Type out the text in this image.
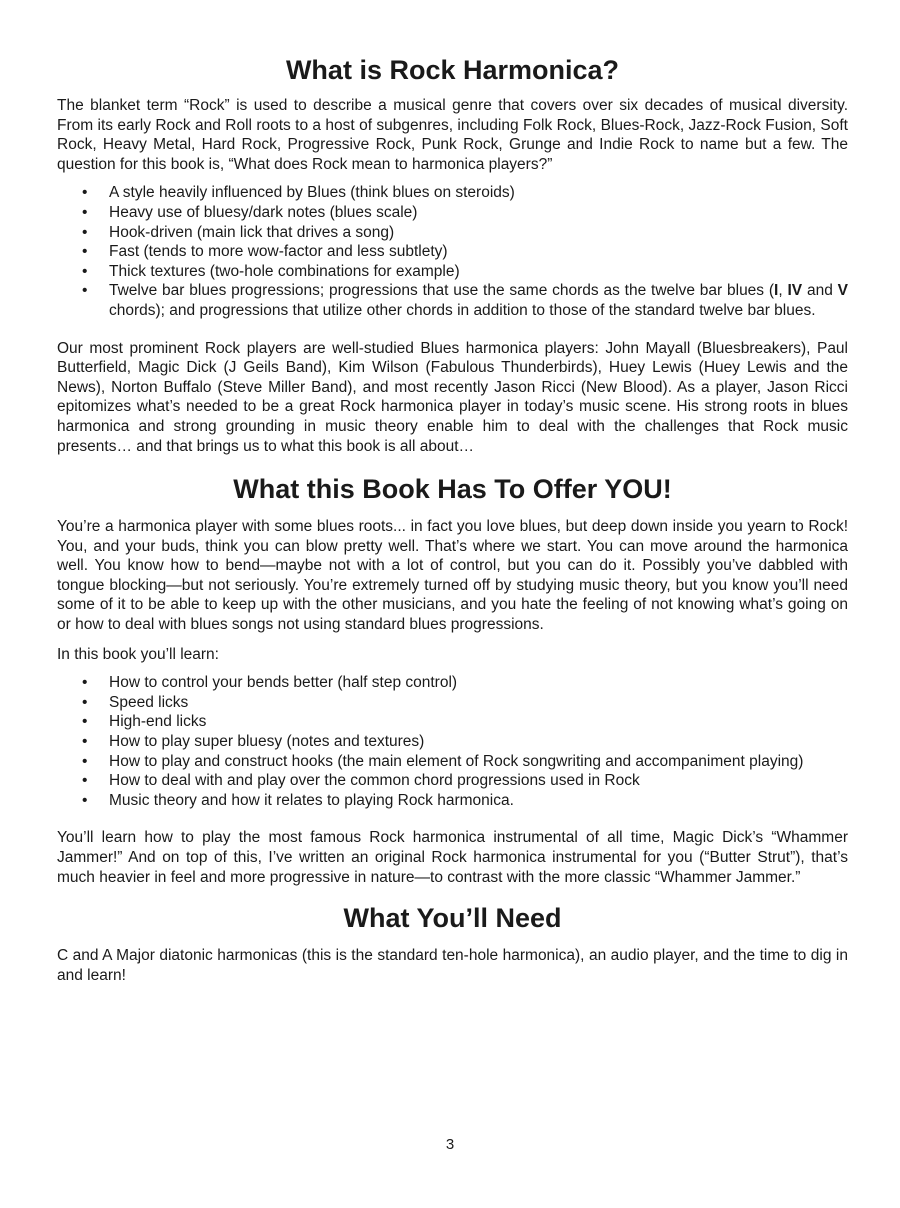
What is Rock Harmonica?

The blanket term “Rock” is used to describe a musical genre that covers over six decades of musical diversity. From its early Rock and Roll roots to a host of subgenres, including Folk Rock, Blues-Rock, Jazz-Rock Fusion, Soft Rock, Heavy Metal, Hard Rock, Progressive Rock, Punk Rock, Grunge and Indie Rock to name but a few. The question for this book is, “What does Rock mean to harmonica players?”

• A style heavily influenced by Blues (think blues on steroids)
• Heavy use of bluesy/dark notes (blues scale)
• Hook-driven (main lick that drives a song)
• Fast (tends to more wow-factor and less subtlety)
• Thick textures (two-hole combinations for example)
• Twelve bar blues progressions; progressions that use the same chords as the twelve bar blues (I, IV and V chords); and progressions that utilize other chords in addition to those of the standard twelve bar blues.

Our most prominent Rock players are well-studied Blues harmonica players: John Mayall (Bluesbreakers), Paul Butterfield, Magic Dick (J Geils Band), Kim Wilson (Fabulous Thunderbirds), Huey Lewis (Huey Lewis and the News), Norton Buffalo (Steve Miller Band), and most recently Jason Ricci (New Blood). As a player, Jason Ricci epitomizes what’s needed to be a great Rock harmonica player in today’s music scene. His strong roots in blues harmonica and strong grounding in music theory enable him to deal with the challenges that Rock music presents… and that brings us to what this book is all about…

What this Book Has To Offer YOU!

You’re a harmonica player with some blues roots... in fact you love blues, but deep down inside you yearn to Rock! You, and your buds, think you can blow pretty well. That’s where we start. You can move around the harmonica well. You know how to bend—maybe not with a lot of control, but you can do it. Possibly you’ve dabbled with tongue blocking—but not seriously. You’re extremely turned off by studying music theory, but you know you’ll need some of it to be able to keep up with the other musicians, and you hate the feeling of not knowing what’s going on or how to deal with blues songs not using standard blues progressions.

In this book you’ll learn:

• How to control your bends better (half step control)
• Speed licks
• High-end licks
• How to play super bluesy (notes and textures)
• How to play and construct hooks (the main element of Rock songwriting and accompaniment playing)
• How to deal with and play over the common chord progressions used in Rock
• Music theory and how it relates to playing Rock harmonica.

You’ll learn how to play the most famous Rock harmonica instrumental of all time, Magic Dick’s “Whammer Jammer!” And on top of this, I’ve written an original Rock harmonica instrumental for you (“Butter Strut”), that’s much heavier in feel and more progressive in nature—to contrast with the more classic “Whammer Jammer.”

What You’ll Need

C and A Major diatonic harmonicas (this is the standard ten-hole harmonica), an audio player, and the time to dig in and learn!

3
